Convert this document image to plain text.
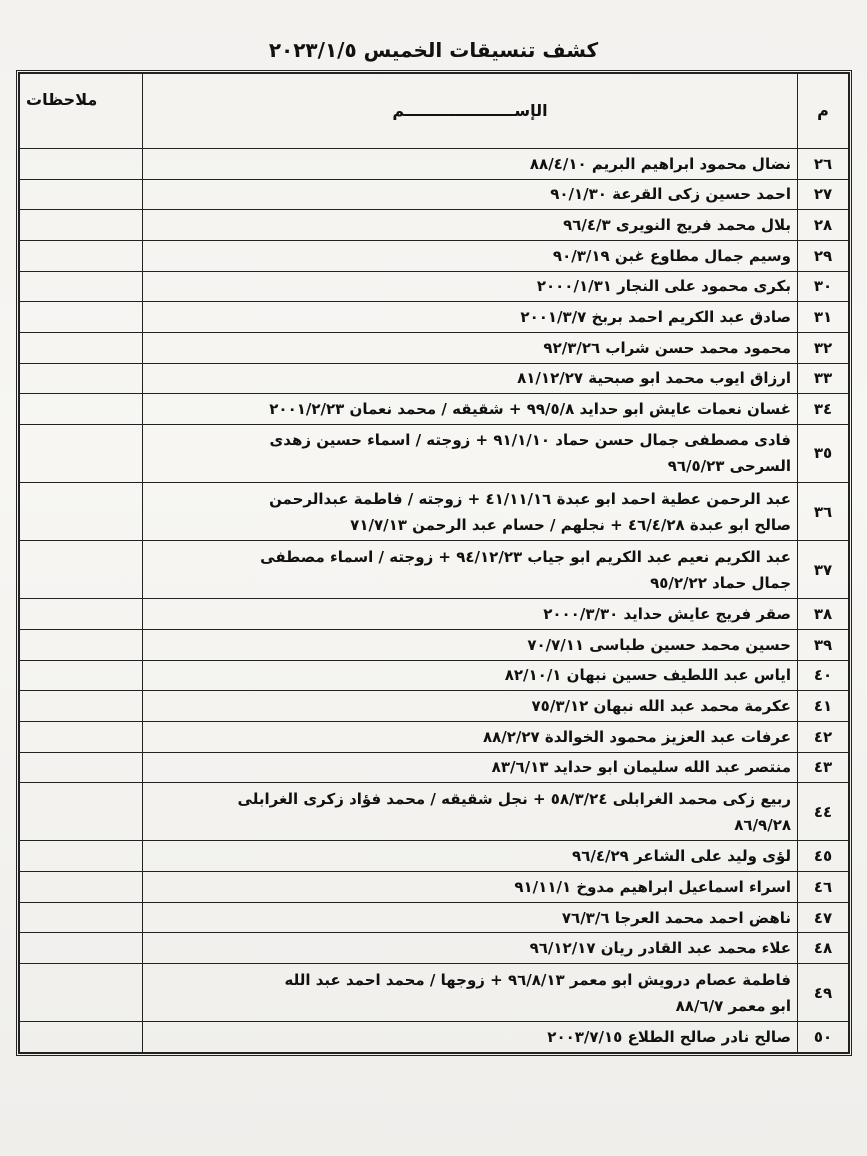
كشف تنسيقات الخميس ٢٠٢٣/١/٥
م	الإســــــــــــــــــــم	ملاحظات
٢٦	نضال محمود ابراهيم البريم ٨٨/٤/١٠	

٢٧	احمد حسين زكى القرعة ٩٠/١/٣٠	

٢٨	بلال محمد فريج النويرى ٩٦/٤/٣	

٢٩	وسيم جمال مطاوع غبن ٩٠/٣/١٩	

٣٠	بكرى محمود على النجار ٢٠٠٠/١/٣١	

٣١	صادق عبد الكريم احمد بربخ ٢٠٠١/٣/٧	

٣٢	محمود محمد حسن شراب ٩٢/٣/٢٦	

٣٣	ارزاق ايوب محمد ابو صبحية ٨١/١٢/٢٧	

٣٤	غسان نعمات عايش ابو حدايد ٩٩/٥/٨ + شقيقه / محمد نعمان ٢٠٠١/٢/٢٣	

٣٥	فادى مصطفى جمال حسن حماد ٩١/١/١٠ + زوجته / اسماء حسين زهدى
السرحى ٩٦/٥/٢٣	

٣٦	عبد الرحمن عطية احمد ابو عبدة ٤١/١١/١٦ + زوجته / فاطمة عبدالرحمن
صالح ابو عبدة ٤٦/٤/٢٨ + نجلهم / حسام عبد الرحمن ٧١/٧/١٣	

٣٧	عبد الكريم نعيم عبد الكريم ابو جياب ٩٤/١٢/٢٣ + زوجته / اسماء مصطفى
جمال حماد ٩٥/٢/٢٢	

٣٨	صقر فريج عايش حدايد ٢٠٠٠/٣/٣٠	

٣٩	حسين محمد حسين طباسى ٧٠/٧/١١	

٤٠	اياس عبد اللطيف حسين نبهان ٨٢/١٠/١	

٤١	عكرمة محمد عبد الله نبهان ٧٥/٣/١٢	

٤٢	عرفات عبد العزيز محمود الخوالدة ٨٨/٢/٢٧	

٤٣	منتصر عبد الله سليمان ابو حدايد ٨٣/٦/١٣	

٤٤	ربيع زكى محمد الغرابلى ٥٨/٣/٢٤ + نجل شقيقه / محمد فؤاد زكرى الغرابلى
٨٦/٩/٢٨	

٤٥	لؤى وليد على الشاعر ٩٦/٤/٢٩	

٤٦	اسراء اسماعيل ابراهيم مدوخ ٩١/١١/١	

٤٧	ناهض احمد محمد العرجا ٧٦/٣/٦	

٤٨	علاء محمد عبد القادر ريان ٩٦/١٢/١٧	

٤٩	فاطمة عصام درويش ابو معمر ٩٦/٨/١٣ + زوجها / محمد احمد عبد الله
ابو معمر ٨٨/٦/٧	

٥٠	صالح نادر صالح الطلاع ٢٠٠٣/٧/١٥	
